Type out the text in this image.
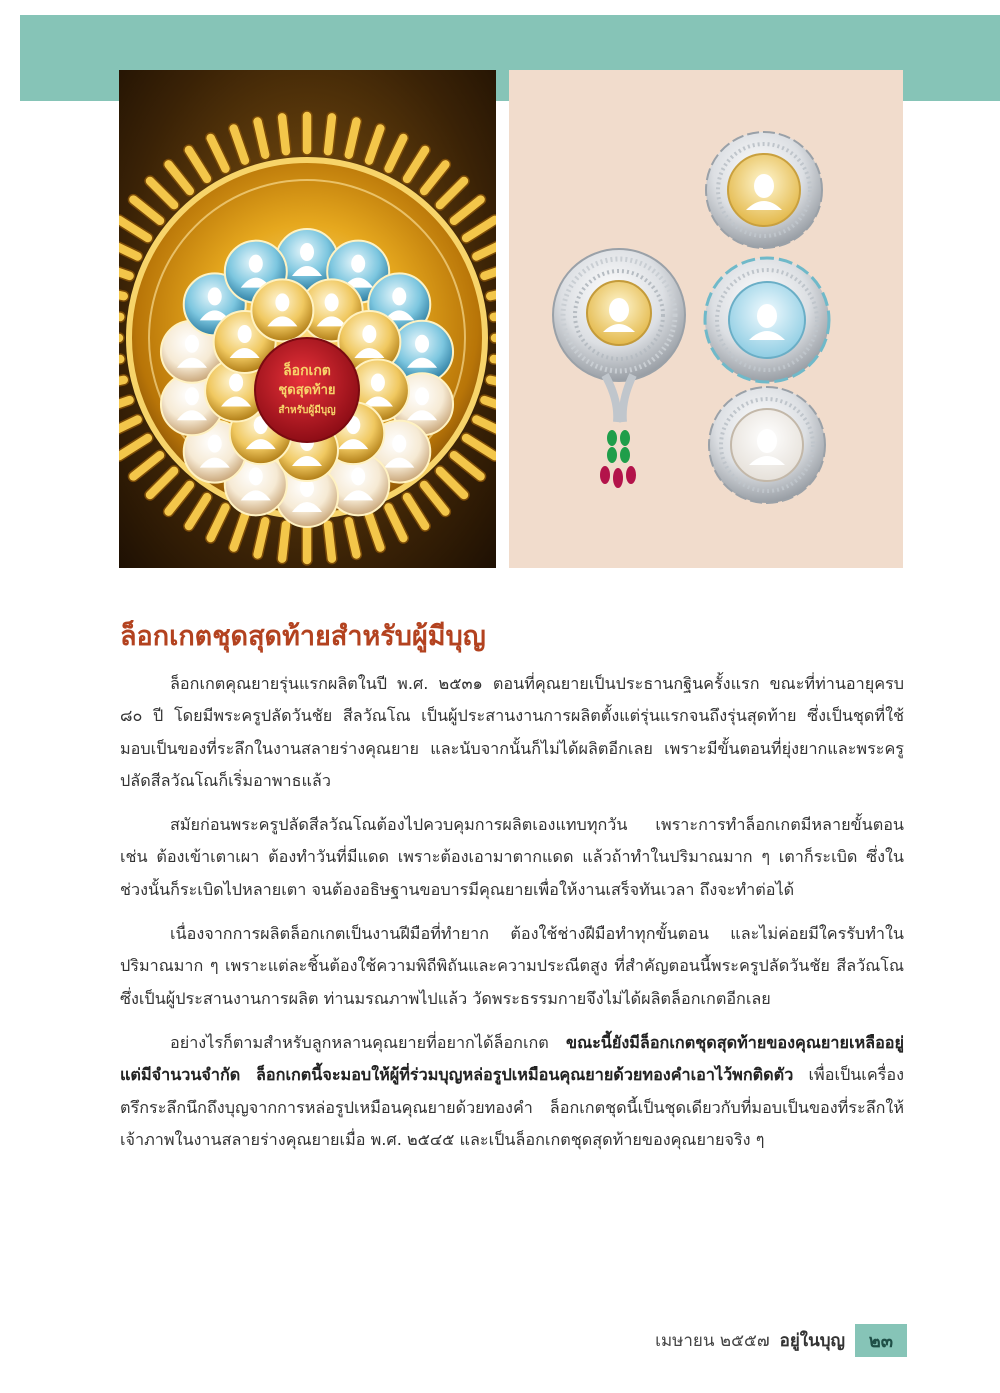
ล็อกเกต
ชุดสุดท้าย
สำหรับผู้มีบุญ
ล็อกเกตชุดสุดท้ายสำหรับผู้มีบุญ

ล็อกเกตคุณยายรุ่นแรกผลิตในปี พ.ศ. ๒๕๓๑ ตอนที่คุณยายเป็นประธานกฐินครั้งแรก ขณะที่ท่านอายุครบ ๘๐ ปี โดยมีพระครูปลัดวันชัย สีลวัณโณ เป็นผู้ประสานงานการผลิตตั้งแต่รุ่นแรกจนถึงรุ่นสุดท้าย ซึ่งเป็นชุดที่ใช้มอบเป็นของที่ระลึกในงานสลายร่างคุณยาย และนับจากนั้นก็ไม่ได้ผลิตอีกเลย เพราะมีขั้นตอนที่ยุ่งยากและพระครูปลัดสีลวัณโณก็เริ่มอาพาธแล้ว

สมัยก่อนพระครูปลัดสีลวัณโณต้องไปควบคุมการผลิตเองแทบทุกวัน เพราะการทำล็อกเกตมีหลายขั้นตอน เช่น ต้องเข้าเตาเผา ต้องทำวันที่มีแดด เพราะต้องเอามาตากแดด แล้วถ้าทำในปริมาณมาก ๆ เตาก็ระเบิด ซึ่งในช่วงนั้นก็ระเบิดไปหลายเตา จนต้องอธิษฐานขอบารมีคุณยายเพื่อให้งานเสร็จทันเวลา ถึงจะทำต่อได้

เนื่องจากการผลิตล็อกเกตเป็นงานฝีมือที่ทำยาก ต้องใช้ช่างฝีมือทำทุกขั้นตอน และไม่ค่อยมีใครรับทำในปริมาณมาก ๆ เพราะแต่ละชิ้นต้องใช้ความพิถีพิถันและความประณีตสูง ที่สำคัญตอนนี้พระครูปลัดวันชัย สีลวัณโณ ซึ่งเป็นผู้ประสานงานการผลิต ท่านมรณภาพไปแล้ว วัดพระธรรมกายจึงไม่ได้ผลิตล็อกเกตอีกเลย

อย่างไรก็ตามสำหรับลูกหลานคุณยายที่อยากได้ล็อกเกต ขณะนี้ยังมีล็อกเกตชุดสุดท้ายของคุณยายเหลืออยู่ แต่มีจำนวนจำกัด ล็อกเกตนี้จะมอบให้ผู้ที่ร่วมบุญหล่อรูปเหมือนคุณยายด้วยทองคำเอาไว้พกติดตัว เพื่อเป็นเครื่องตรึกระลึกนึกถึงบุญจากการหล่อรูปเหมือนคุณยายด้วยทองคำ ล็อกเกตชุดนี้เป็นชุดเดียวกับที่มอบเป็นของที่ระลึกให้เจ้าภาพในงานสลายร่างคุณยายเมื่อ พ.ศ. ๒๕๔๕ และเป็นล็อกเกตชุดสุดท้ายของคุณยายจริง ๆ

เมษายน ๒๕๕๗ อยู่ในบุญ	๒๓
